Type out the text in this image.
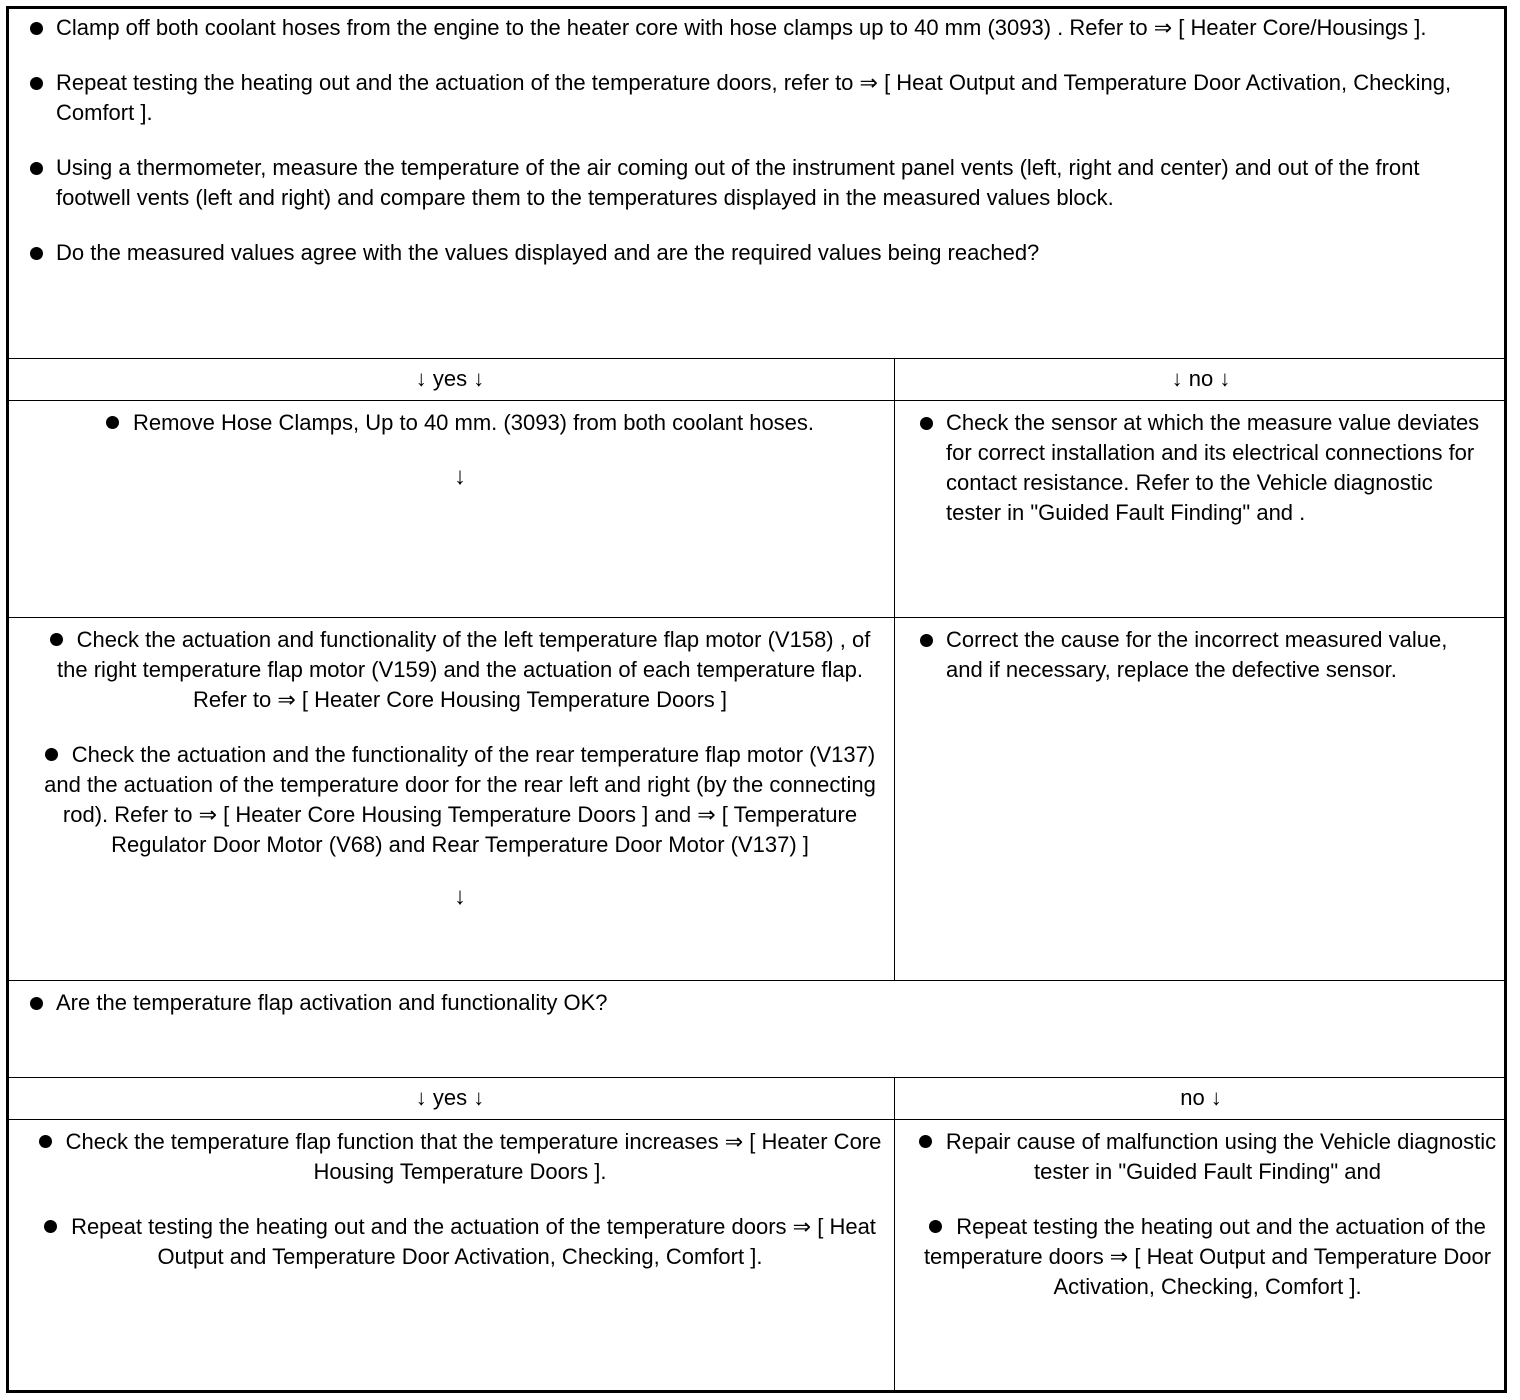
Clamp off both coolant hoses from the engine to the heater core with hose clamps up to 40 mm (3093) . Refer to ⇒ [ Heater Core/Housings ].

Repeat testing the heating out and the actuation of the temperature doors, refer to ⇒ [ Heat Output and Temperature Door Activation, Checking, Comfort ].

Using a thermometer, measure the temperature of the air coming out of the instrument panel vents (left, right and center) and out of the front footwell vents (left and right) and compare them to the temperatures displayed in the measured values block.

Do the measured values agree with the values displayed and are the required values being reached?

↓ yes ↓	↓ no ↓
Remove Hose Clamps, Up to 40 mm. (3093) from both coolant hoses.
↓

Check the sensor at which the measure value deviates for correct installation and its electrical connections for contact resistance. Refer to the Vehicle diagnostic tester in "Guided Fault Finding" and .

Check the actuation and functionality of the left temperature flap motor (V158) , of the right temperature flap motor (V159) and the actuation of each temperature flap. Refer to ⇒ [ Heater Core Housing Temperature Doors ]
Check the actuation and the functionality of the rear temperature flap motor (V137) and the actuation of the temperature door for the rear left and right (by the connecting rod). Refer to ⇒ [ Heater Core Housing Temperature Doors ] and ⇒ [ Temperature Regulator Door Motor (V68) and Rear Temperature Door Motor (V137) ]
↓

Correct the cause for the incorrect measured value, and if necessary, replace the defective sensor.

Are the temperature flap activation and functionality OK?

↓ yes ↓	no ↓
Check the temperature flap function that the temperature increases ⇒ [ Heater Core Housing Temperature Doors ].
Repeat testing the heating out and the actuation of the temperature doors ⇒ [ Heat Output and Temperature Door Activation, Checking, Comfort ].
Repair cause of malfunction using the Vehicle diagnostic tester in "Guided Fault Finding" and
Repeat testing the heating out and the actuation of the temperature doors ⇒ [ Heat Output and Temperature Door Activation, Checking, Comfort ].
